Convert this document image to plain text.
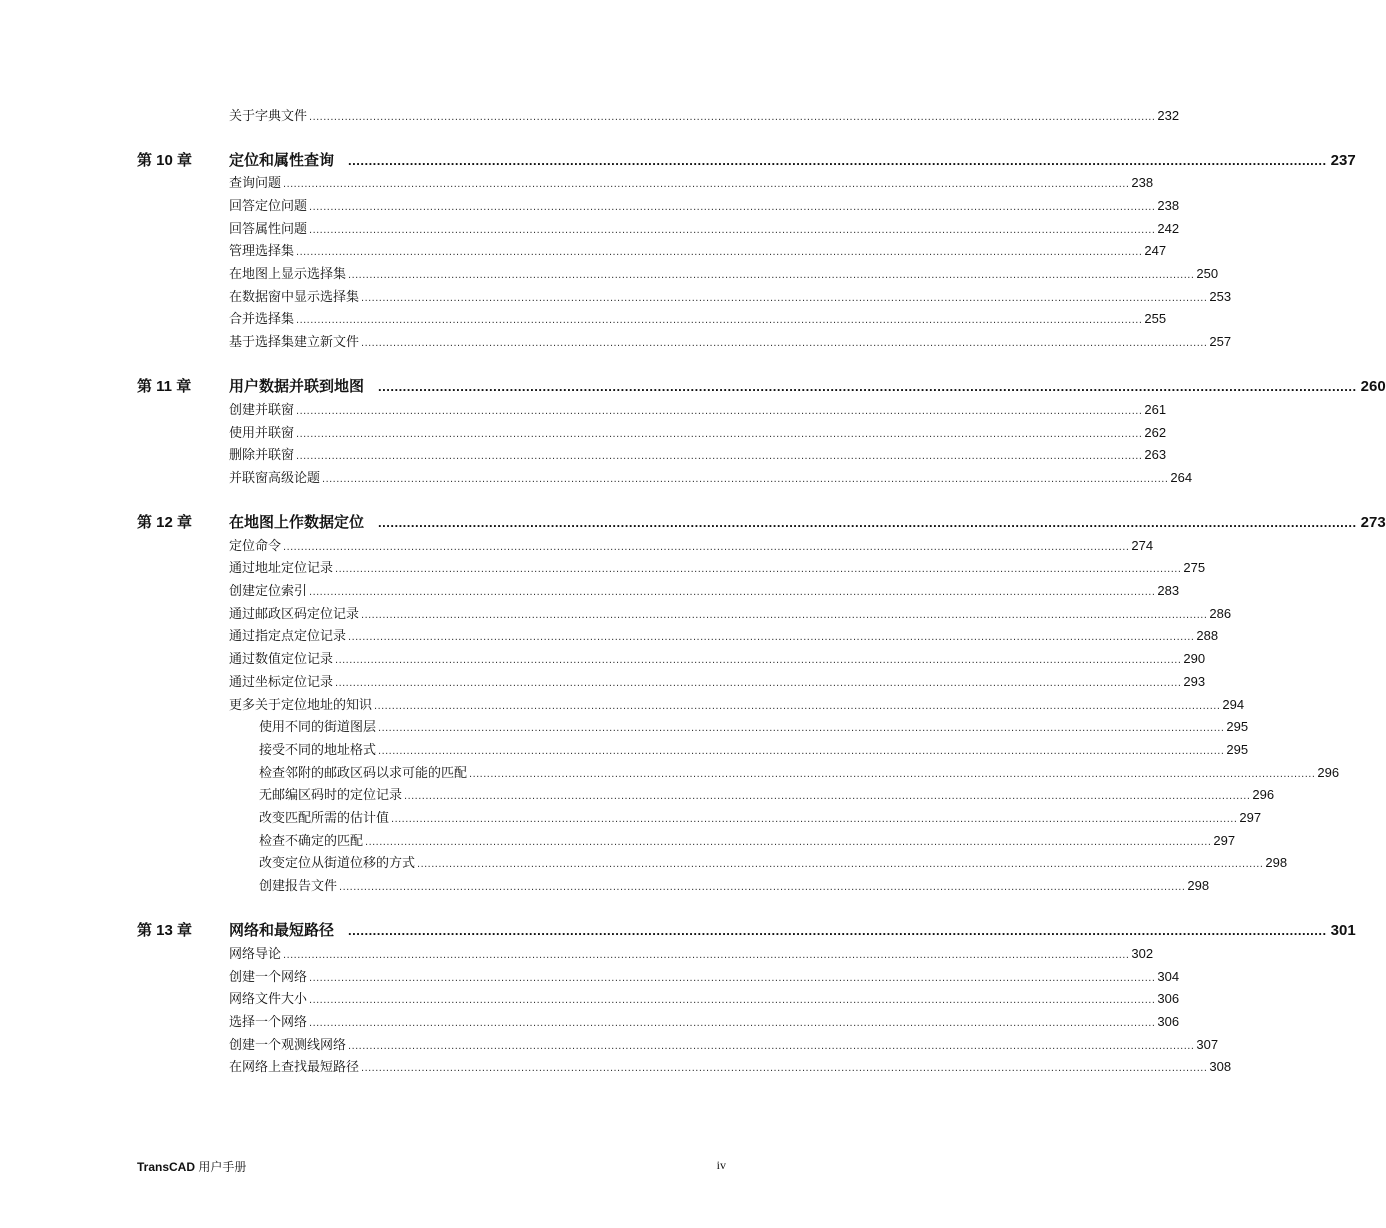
关于字典文件 .............................................................................................................................................................................................................................................. 232
第 10 章 定位和属性查询 .............................................................................................................................................................................................................................................. 237
查询问题 .............................................................................................................................................................................................................................................. 238
回答定位问题 .............................................................................................................................................................................................................................................. 238
回答属性问题 .............................................................................................................................................................................................................................................. 242
管理选择集 .............................................................................................................................................................................................................................................. 247
在地图上显示选择集 .............................................................................................................................................................................................................................................. 250
在数据窗中显示选择集 .............................................................................................................................................................................................................................................. 253
合并选择集 .............................................................................................................................................................................................................................................. 255
基于选择集建立新文件 .............................................................................................................................................................................................................................................. 257
第 11 章	用户数据并联到地图 .............................................................................................................................................................................................................................................. 260
创建并联窗 .............................................................................................................................................................................................................................................. 261
使用并联窗 .............................................................................................................................................................................................................................................. 262
删除并联窗 .............................................................................................................................................................................................................................................. 263
并联窗高级论题 .............................................................................................................................................................................................................................................. 264
第 12 章 在地图上作数据定位 .............................................................................................................................................................................................................................................. 273
定位命令 .............................................................................................................................................................................................................................................. 274
通过地址定位记录 .............................................................................................................................................................................................................................................. 275
创建定位索引 .............................................................................................................................................................................................................................................. 283
通过邮政区码定位记录 .............................................................................................................................................................................................................................................. 286
通过指定点定位记录 .............................................................................................................................................................................................................................................. 288
通过数值定位记录 .............................................................................................................................................................................................................................................. 290
通过坐标定位记录 .............................................................................................................................................................................................................................................. 293
更多关于定位地址的知识 .............................................................................................................................................................................................................................................. 294
使用不同的街道图层 .............................................................................................................................................................................................................................................. 295
接受不同的地址格式 .............................................................................................................................................................................................................................................. 295
检查邻附的邮政区码以求可能的匹配 .............................................................................................................................................................................................................................................. 296
无邮编区码时的定位记录 .............................................................................................................................................................................................................................................. 296
改变匹配所需的估计值 .............................................................................................................................................................................................................................................. 297
检查不确定的匹配 .............................................................................................................................................................................................................................................. 297
改变定位从街道位移的方式 .............................................................................................................................................................................................................................................. 298
创建报告文件 .............................................................................................................................................................................................................................................. 298
第 13 章 网络和最短路径 .............................................................................................................................................................................................................................................. 301
网络导论 .............................................................................................................................................................................................................................................. 302
创建一个网络 .............................................................................................................................................................................................................................................. 304
网络文件大小 .............................................................................................................................................................................................................................................. 306
选择一个网络 .............................................................................................................................................................................................................................................. 306
创建一个观测线网络 .............................................................................................................................................................................................................................................. 307
在网络上查找最短路径 .............................................................................................................................................................................................................................................. 308
TransCAD 用户手册	iv
